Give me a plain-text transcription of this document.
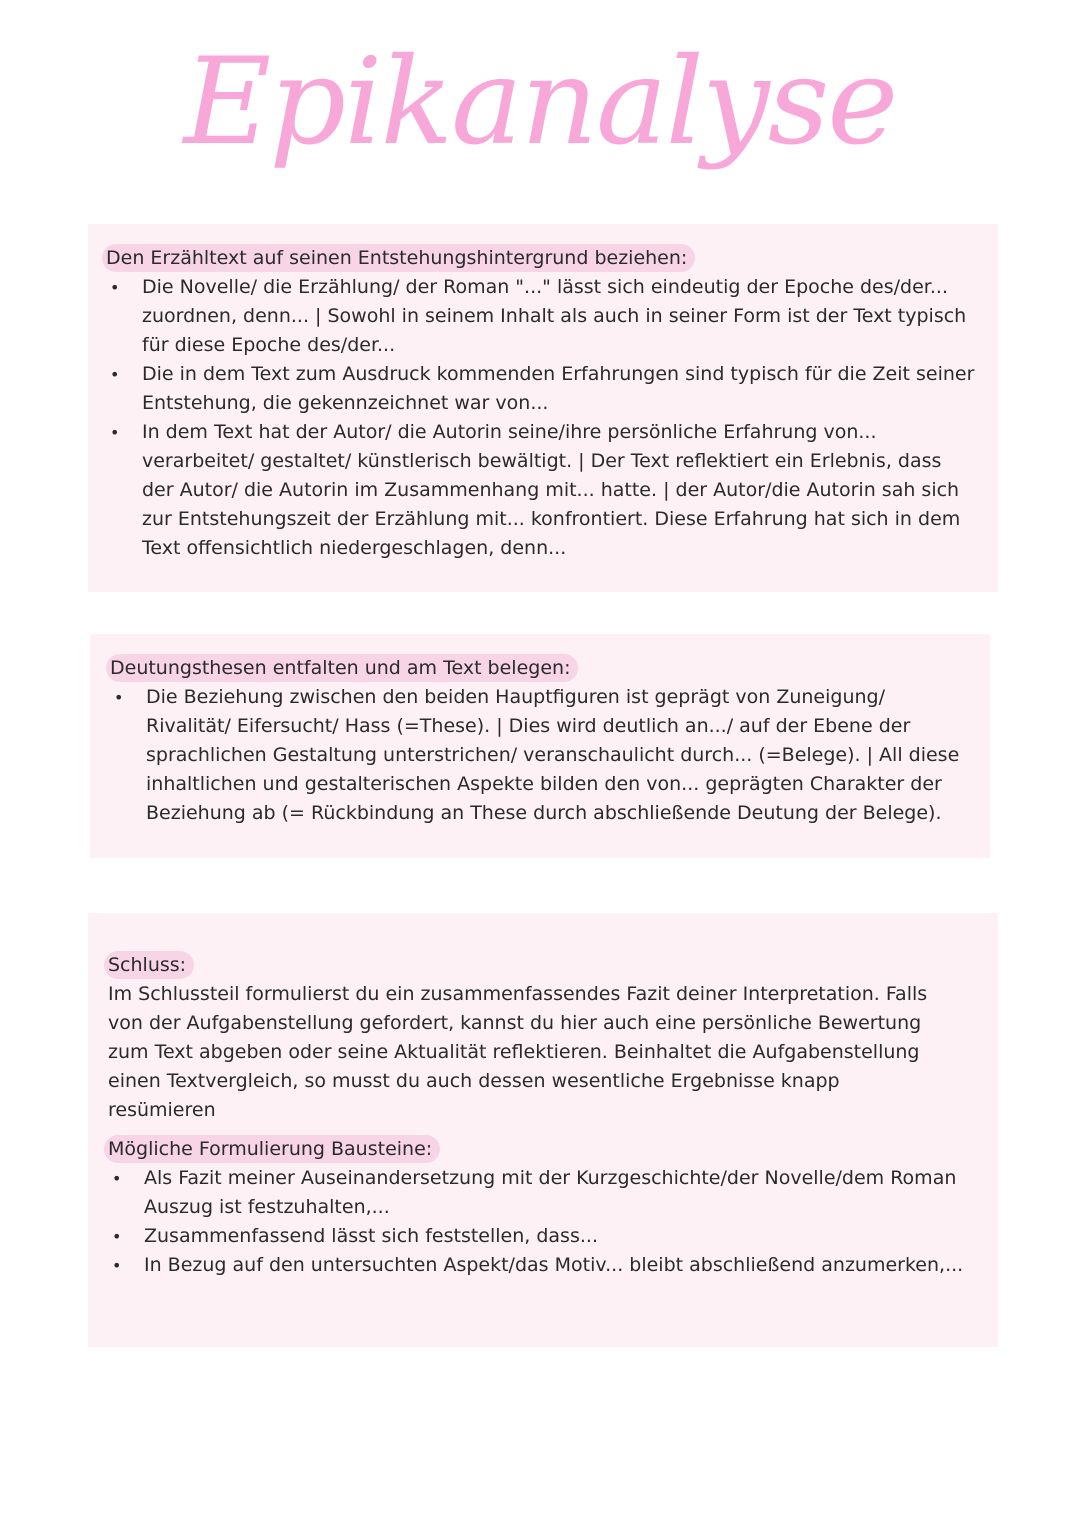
Epikanalyse
Den Erzähltext auf seinen Entstehungshintergrund beziehen:
• Die Novelle/ die Erzählung/ der Roman "..." lässt sich eindeutig der Epoche des/der... zuordnen, denn... | Sowohl in seinem Inhalt als auch in seiner Form ist der Text typisch für diese Epoche des/der...
• Die in dem Text zum Ausdruck kommenden Erfahrungen sind typisch für die Zeit seiner Entstehung, die gekennzeichnet war von...
• In dem Text hat der Autor/ die Autorin seine/ihre persönliche Erfahrung von... verarbeitet/ gestaltet/ künstlerisch bewältigt. | Der Text reflektiert ein Erlebnis, dass der Autor/ die Autorin im Zusammenhang mit... hatte. | der Autor/die Autorin sah sich zur Entstehungszeit der Erzählung mit... konfrontiert. Diese Erfahrung hat sich in dem Text offensichtlich niedergeschlagen, denn...
Deutungsthesen entfalten und am Text belegen:
• Die Beziehung zwischen den beiden Hauptfiguren ist geprägt von Zuneigung/ Rivalität/ Eifersucht/ Hass (=These). | Dies wird deutlich an.../ auf der Ebene der sprachlichen Gestaltung unterstrichen/ veranschaulicht durch... (=Belege). | All diese inhaltlichen und gestalterischen Aspekte bilden den von... geprägten Charakter der Beziehung ab (= Rückbindung an These durch abschließende Deutung der Belege).
Schluss:

Im Schlussteil formulierst du ein zusammenfassendes Fazit deiner Interpretation. Falls von der Aufgabenstellung gefordert, kannst du hier auch eine persönliche Bewertung zum Text abgeben oder seine Aktualität reflektieren. Beinhaltet die Aufgabenstellung einen Textvergleich, so musst du auch dessen wesentliche Ergebnisse knapp resümieren

Mögliche Formulierung Bausteine:
• Als Fazit meiner Auseinandersetzung mit der Kurzgeschichte/der Novelle/dem Roman Auszug ist festzuhalten,...
• Zusammenfassend lässt sich feststellen, dass...
• In Bezug auf den untersuchten Aspekt/das Motiv... bleibt abschließend anzumerken,...
